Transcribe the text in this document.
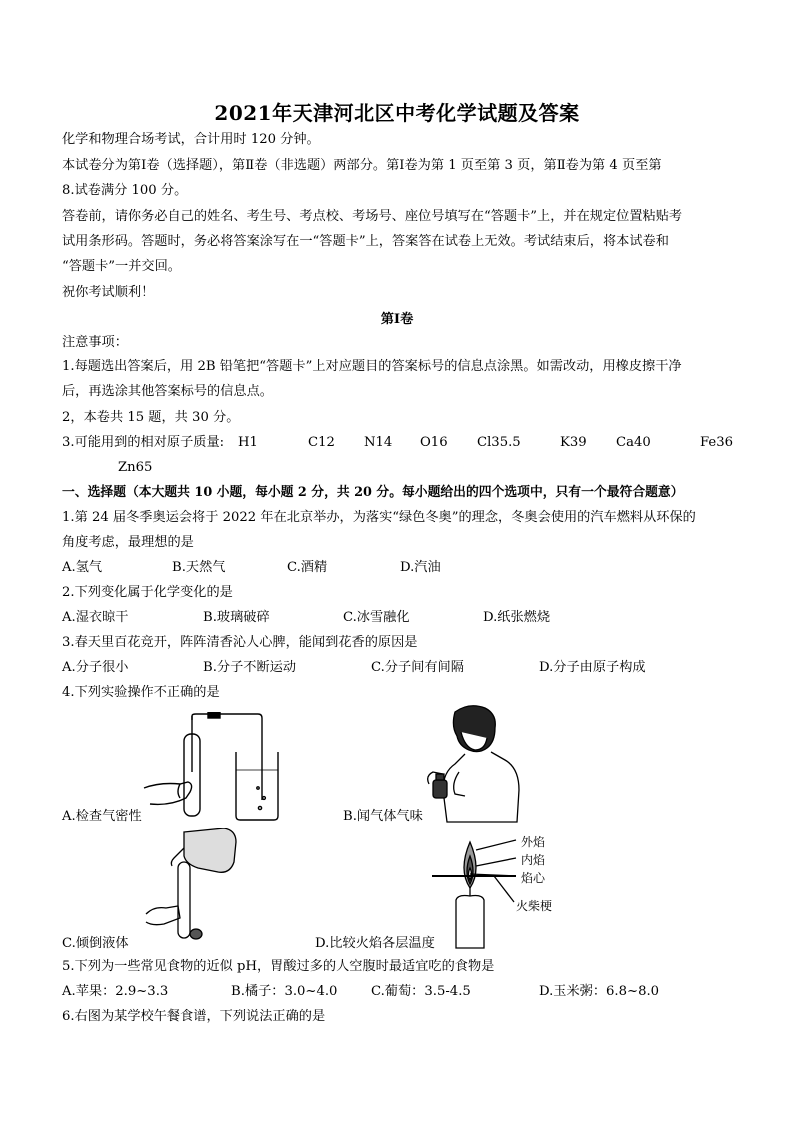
2021年天津河北区中考化学试题及答案
化学和物理合场考试，合计用时 120 分钟。
本试卷分为第Ⅰ卷（选择题），第Ⅱ卷（非选题）两部分。第Ⅰ卷为第 1 页至第 3 页，第Ⅱ卷为第 4 页至第
8.试卷满分 100 分。
答卷前，请你务必自己的姓名、考生号、考点校、考场号、座位号填写在“答题卡”上，并在规定位置粘贴考
试用条形码。答题时，务必将答案涂写在一“答题卡”上，答案答在试卷上无效。考试结束后，将本试卷和
“答题卡”一并交回。
祝你考试顺利！
第Ⅰ卷
注意事项：
1.每题选出答案后，用 2B 铅笔把“答题卡”上对应题目的答案标号的信息点涂黑。如需改动，用橡皮擦干净
后，再选涂其他答案标号的信息点。
2，本卷共 15 题，共 30 分。
3.可能用到的相对原子质量: H1	C12 N14 O16 Cl35.5	K39 Ca40	Fe36
Zn65
一、选择题（本大题共 10 小题，每小题 2 分，共 20 分。每小题给出的四个选项中，只有一个最符合题意）
1.第 24 届冬季奥运会将于 2022 年在北京举办，为落实“绿色冬奥”的理念，冬奥会使用的汽车燃料从环保的
角度考虑，最理想的是
A.氢气	B.天然气	C.酒精	D.汽油
2.下列变化属于化学变化的是
A.湿衣晾干	B.玻璃破碎	C.冰雪融化	D.纸张燃烧
3.春天里百花竞开，阵阵清香沁人心脾，能闻到花香的原因是
A.分子很小	B.分子不断运动	C.分子间有间隔	D.分子由原子构成
4.下列实验操作不正确的是
A.检查气密性	B.闻气体气味
C.倾倒液体
外焰
内焰
焰心
火柴梗
D.比较火焰各层温度
5.下列为一些常见食物的近似 pH，胃酸过多的人空腹时最适宜吃的食物是
A.苹果：2.9~3.3	B.橘子：3.0~4.0	C.葡萄：3.5-4.5	D.玉米粥：6.8~8.0
6.右图为某学校午餐食谱，下列说法正确的是
